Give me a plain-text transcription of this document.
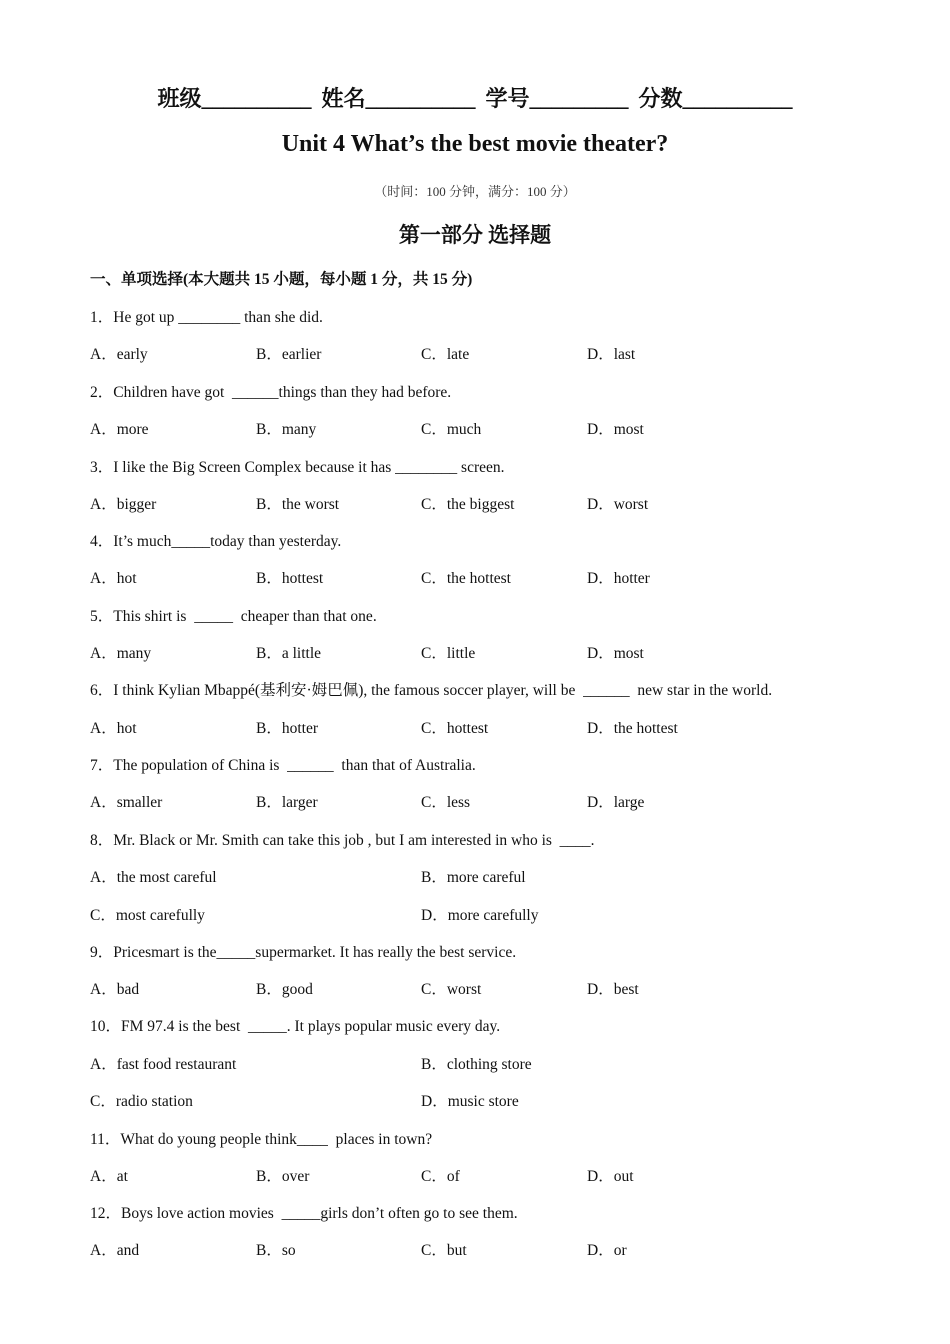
班级__________ 姓名__________ 学号_________ 分数__________
Unit 4 What’s the best movie theater?
（时间：100 分钟，满分：100 分）
第一部分 选择题
一、单项选择(本大题共 15 小题，每小题 1 分，共 15 分)
1．He got up ________ than she did.
A．early	B．earlier	C．late	D．last
2．Children have got  ______things than they had before.
A．more	B．many	C．much	D．most
3．I like the Big Screen Complex because it has ________ screen.
A．bigger	B．the worst	C．the biggest	D．worst
4．It’s much_____today than yesterday.
A．hot	B．hottest	C．the hottest	D．hotter
5．This shirt is  _____  cheaper than that one.
A．many	B．a little	C．little	D．most
6．I think Kylian Mbappé(基利安·姆巴佩), the famous soccer player, will be  ______  new star in the world.
A．hot	B．hotter	C．hottest	D．the hottest
7．The population of China is  ______  than that of Australia.
A．smaller	B．larger	C．less	D．large
8．Mr. Black or Mr. Smith can take this job , but I am interested in who is  ____.
A．the most careful	B．more careful
C．most carefully	D．more carefully
9．Pricesmart is the_____supermarket. It has really the best service.
A．bad	B．good	C．worst	D．best
10．FM 97.4 is the best  _____. It plays popular music every day.
A．fast food restaurant	B．clothing store
C．radio station	D．music store
11．What do young people think____  places in town?
A．at	B．over	C．of	D．out
12．Boys love action movies  _____girls don’t often go to see them.
A．and	B．so	C．but	D．or
